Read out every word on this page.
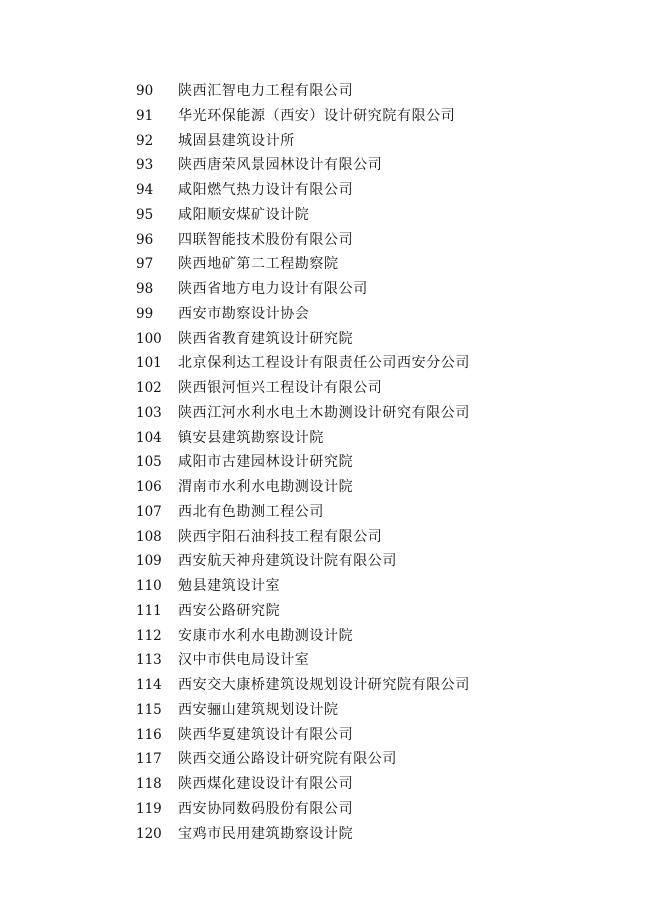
90	陕西汇智电力工程有限公司
91	华光环保能源（西安）设计研究院有限公司
92	城固县建筑设计所
93	陕西唐荣风景园林设计有限公司
94	咸阳燃气热力设计有限公司
95	咸阳顺安煤矿设计院
96	四联智能技术股份有限公司
97	陕西地矿第二工程勘察院
98	陕西省地方电力设计有限公司
99	西安市勘察设计协会
100	陕西省教育建筑设计研究院
101	北京保利达工程设计有限责任公司西安分公司
102	陕西银河恒兴工程设计有限公司
103	陕西江河水利水电土木勘测设计研究有限公司
104	镇安县建筑勘察设计院
105	咸阳市古建园林设计研究院
106	渭南市水利水电勘测设计院
107	西北有色勘测工程公司
108	陕西宇阳石油科技工程有限公司
109	西安航天神舟建筑设计院有限公司
110	勉县建筑设计室
111	西安公路研究院
112	安康市水利水电勘测设计院
113	汉中市供电局设计室
114	西安交大康桥建筑设规划设计研究院有限公司
115	西安骊山建筑规划设计院
116	陕西华夏建筑设计有限公司
117	陕西交通公路设计研究院有限公司
118	陕西煤化建设设计有限公司
119	西安协同数码股份有限公司
120	宝鸡市民用建筑勘察设计院
